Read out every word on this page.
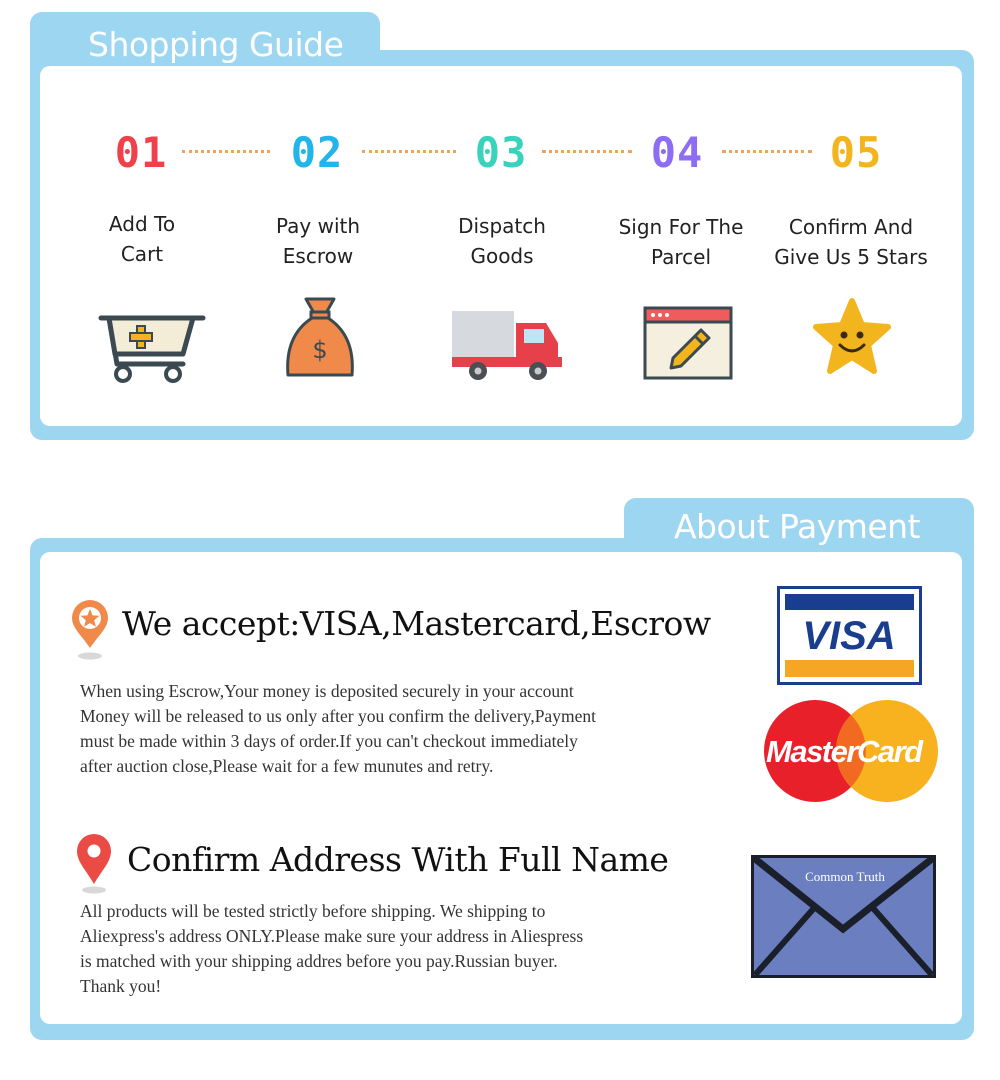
Shopping Guide
01	02	03	04	05
Add To
Cart
Pay with
Escrow
Dispatch
Goods
Sign For The
Parcel
Confirm And
Give Us 5 Stars
$
About Payment
We accept:VISA,Mastercard,Escrow
When using Escrow,Your money is deposited securely in your account
Money will be released to us only after you confirm the delivery,Payment
must be made within 3 days of order.If you can't checkout immediately
after auction close,Please wait for a few munutes and retry.
Confirm Address With Full Name
All products will be tested strictly before shipping. We shipping to
Aliexpress's address ONLY.Please make sure your address in Aliespress
is matched with your shipping addres before you pay.Russian buyer.
Thank you!
VISA
MasterCard
Common Truth
